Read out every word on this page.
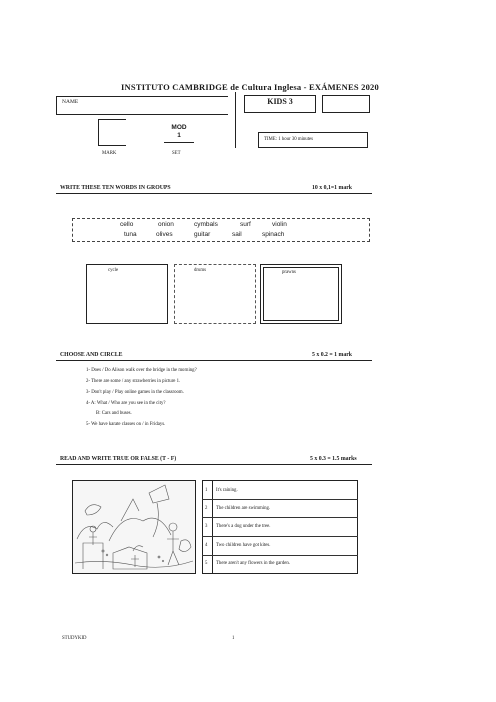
INSTITUTO CAMBRIDGE de Cultura Inglesa - EXÁMENES 2020
NAME	KIDS 3
MARK
MOD
1
SET
TIME: 1 hour 30 minutes
WRITE THESE TEN WORDS IN GROUPS	10 x 0,1=1 mark
cello	onion	cymbals	surf	violin
tuna	olives	guitar	sail	spinach
cycle	drums	prawns
CHOOSE AND CIRCLE	5 x 0.2 = 1 mark
1- Does / Do Alison walk over the bridge in the morning?
2- There are some / any strawberries in picture 1.
3- Don't play / Play online games in the classroom.
4- A: What / Who are you see in the city?
B: Cars and buses.
5- We have karate classes on / in Fridays.
READ AND WRITE TRUE OR FALSE (T - F)	5 x 0.3 = 1.5 marks
1 It's raining.
2 The children are swimming.
3 There's a dog under the tree.
4 Two children have got kites.
5 There aren't any flowers in the garden.
STUDYKID	1
